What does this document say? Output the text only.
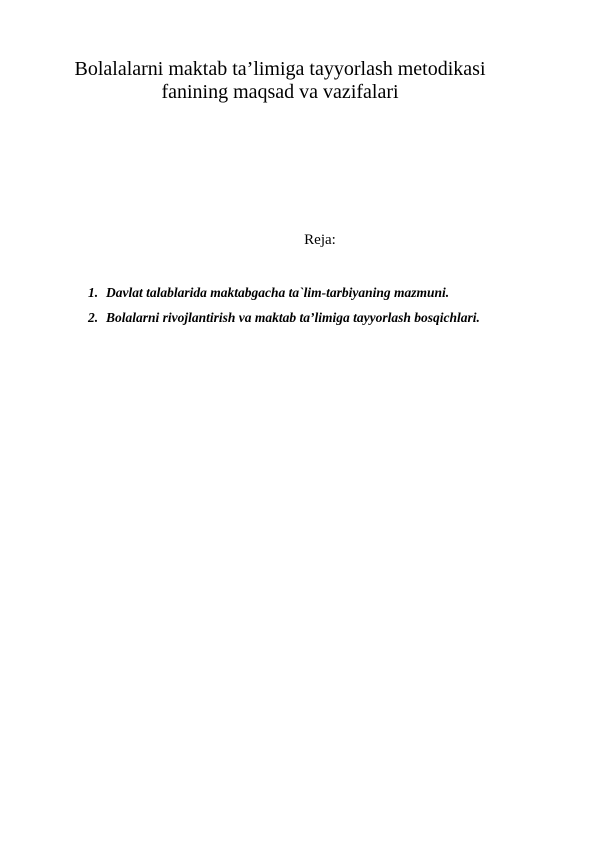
Bolalalarni maktab ta’limiga tayyorlash metodikasi
fanining maqsad va vazifalari
Reja:
1. Davlat talablarida maktabgacha ta`lim-tarbiyaning mazmuni.
2. Bolalarni rivojlantirish va maktab ta’limiga tayyorlash bosqichlari.
